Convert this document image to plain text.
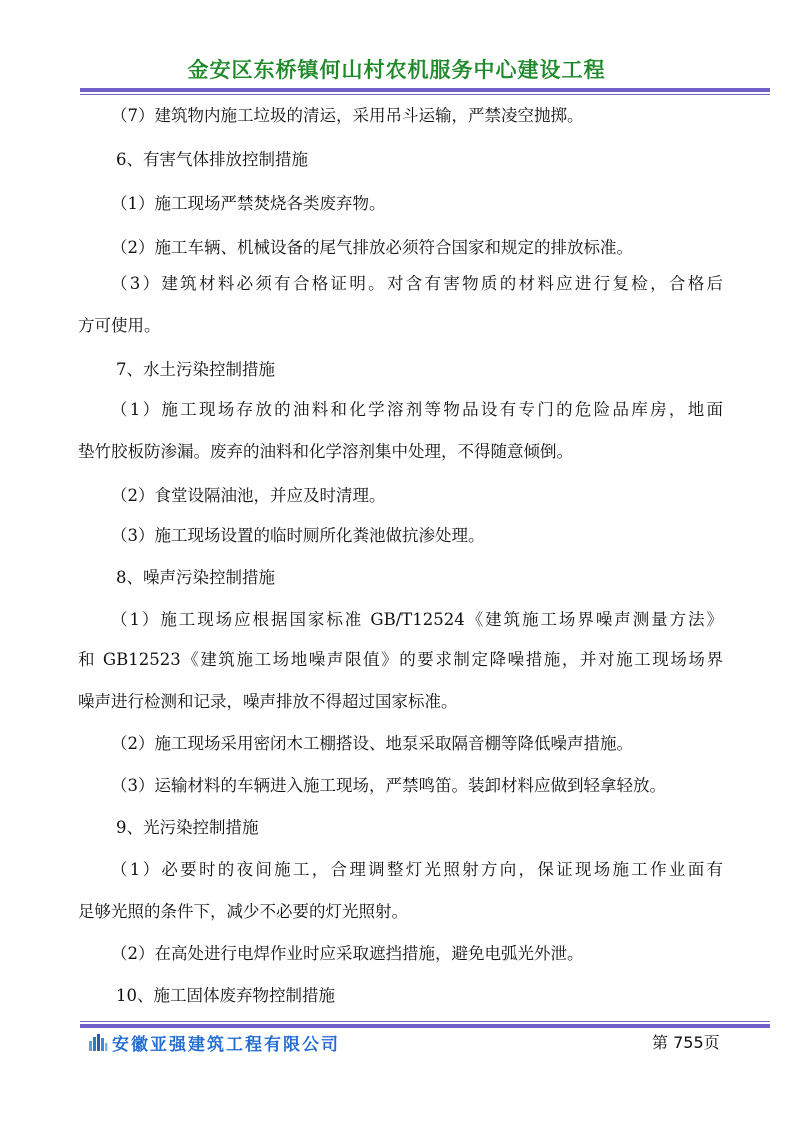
金安区东桥镇何山村农机服务中心建设工程
（7）建筑物内施工垃圾的清运，采用吊斗运输，严禁凌空抛掷。
6、有害气体排放控制措施
（1）施工现场严禁焚烧各类废弃物。
（2）施工车辆、机械设备的尾气排放必须符合国家和规定的排放标准。
（3）建筑材料必须有合格证明。对含有害物质的材料应进行复检，合格后
方可使用。
7、水土污染控制措施
（1）施工现场存放的油料和化学溶剂等物品设有专门的危险品库房，地面
垫竹胶板防渗漏。废弃的油料和化学溶剂集中处理，不得随意倾倒。
（2）食堂设隔油池，并应及时清理。
（3）施工现场设置的临时厕所化粪池做抗渗处理。
8、噪声污染控制措施
（1）施工现场应根据国家标准 GB/T12524《建筑施工场界噪声测量方法》
和 GB12523《建筑施工场地噪声限值》的要求制定降噪措施，并对施工现场场界
噪声进行检测和记录，噪声排放不得超过国家标准。
（2）施工现场采用密闭木工棚搭设、地泵采取隔音棚等降低噪声措施。
（3）运输材料的车辆进入施工现场，严禁鸣笛。装卸材料应做到轻拿轻放。
9、光污染控制措施
（1）必要时的夜间施工，合理调整灯光照射方向，保证现场施工作业面有
足够光照的条件下，减少不必要的灯光照射。
（2）在高处进行电焊作业时应采取遮挡措施，避免电弧光外泄。
10、施工固体废弃物控制措施
安徽亚强建筑工程有限公司	第 755页
